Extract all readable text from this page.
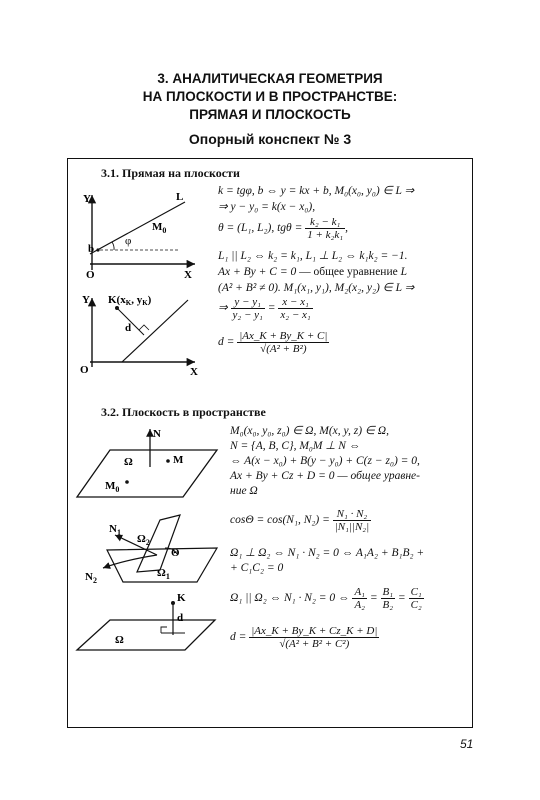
3. АНАЛИТИЧЕСКАЯ ГЕОМЕТРИЯ
НА ПЛОСКОСТИ И В ПРОСТРАНСТВЕ:
ПРЯМАЯ И ПЛОСКОСТЬ
Опорный конспект № 3
3.1. Прямая на плоскости
Y
O	X
b
φ
$M_0$
L
Y
O	X
K(xK, yK)
d
k = tgφ, b ⇔ y = kx + b, M₀(x₀, y₀) ∈ L ⇒
⇒ y − y₀ = k(x − x₀),
θ = (L₁, L₂), $tg\theta = \frac{\text{k₂ − k₁}}{\text{1 + k₂k₁}}$ ,
L₁ || L₂ ⇔ k₂ = k₁, L₁ ⊥ L₂ ⇔ k₁k₂ = −1.
Ax + By + C = 0 — общее уравнение L
(A² + B² ≠ 0). M₁(x₁, y₁), M₂(x₂, y₂) ∈ L ⇒
⇒ $\frac{\text{y − y₁}}{\text{y₂ − y₁}} = \frac{\text{x − x₁}}{\text{x₂ − x₁}}$
$d = \frac{|Ax\_K + By\_K + C|}{\text{√(A² + B²)}}$
3.2. Плоскость в пространстве
N
Ω	M
$M_0$
$N_1$
$N_2$
$\Omega_2$
Θ
$\Omega_1$
K
d
Ω
M₀(x₀, y₀, z₀) ∈ Ω, M(x, y, z) ∈ Ω,
N = {A, B, C}, M₀M ⊥ N ⇔
⇔ A(x − x₀) + B(y − y₀) + C(z − z₀) = 0,
Ax + By + Cz + D = 0 — общее уравне-
ние Ω
cosΘ = cos(N₁, $N_2) = \frac{\text{N₁ · N₂}}{\text{|N₁||N₂|}}$
Ω₁ ⊥ Ω₂ ⇔ N₁ · N₂ = 0 ⇔ A₁A₂ + B₁B₂ +
+ C₁C₂ = 0
Ω₁ || Ω₂ ⇔ N₁ · N₂ = 0 ⇔ $\frac{\text{A₁}}{\text{A₂}} = \frac{\text{B₁}}{\text{B₂}} = \frac{\text{C₁}}{\text{C₂}}$
$d = \frac{|Ax\_K + By\_K + Cz\_K + D|}{\text{√(A² + B² + C²)}}$
51
